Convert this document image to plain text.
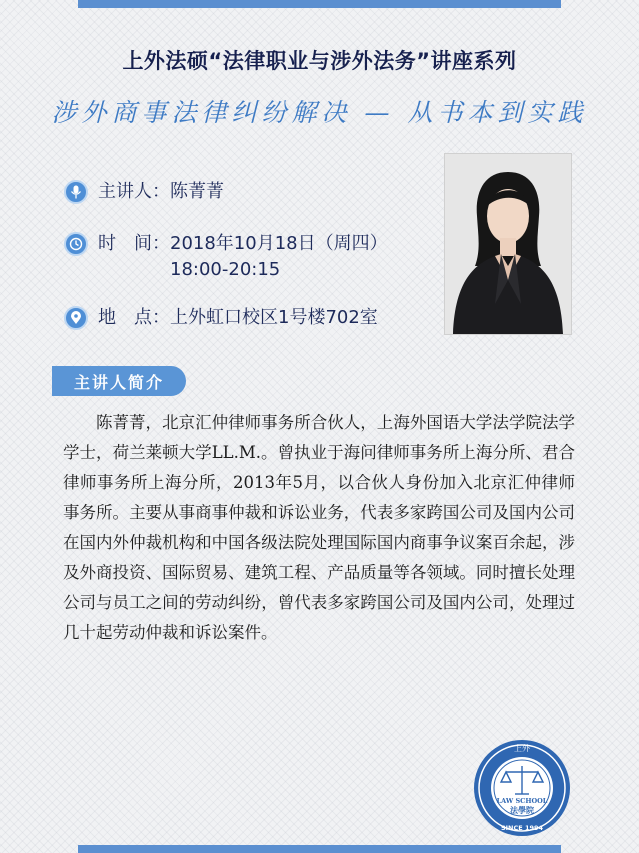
上外法硕“法律职业与涉外法务”讲座系列
涉外商事法律纠纷解决 — 从书本到实践
主讲人：陈菁菁
时　间：2018年10月18日（周四）
18:00-20:15
地　点：上外虹口校区1号楼702室
主讲人简介

陈菁菁，北京汇仲律师事务所合伙人，上海外国语大学法学院法学学士，荷兰莱顿大学LL.M.。曾执业于海问律师事务所上海分所、君合律师事务所上海分所，2013年5月，以合伙人身份加入北京汇仲律师事务所。主要从事商事仲裁和诉讼业务，代表多家跨国公司及国内公司在国内外仲裁机构和中国各级法院处理国际国内商事争议案百余起，涉及外商投资、国际贸易、建筑工程、产品质量等各领域。同时擅长处理公司与员工之间的劳动纠纷，曾代表多家跨国公司及国内公司，处理过几十起劳动仲裁和诉讼案件。

上外
LAW SCHOOL
法學院
SINCE 1994
